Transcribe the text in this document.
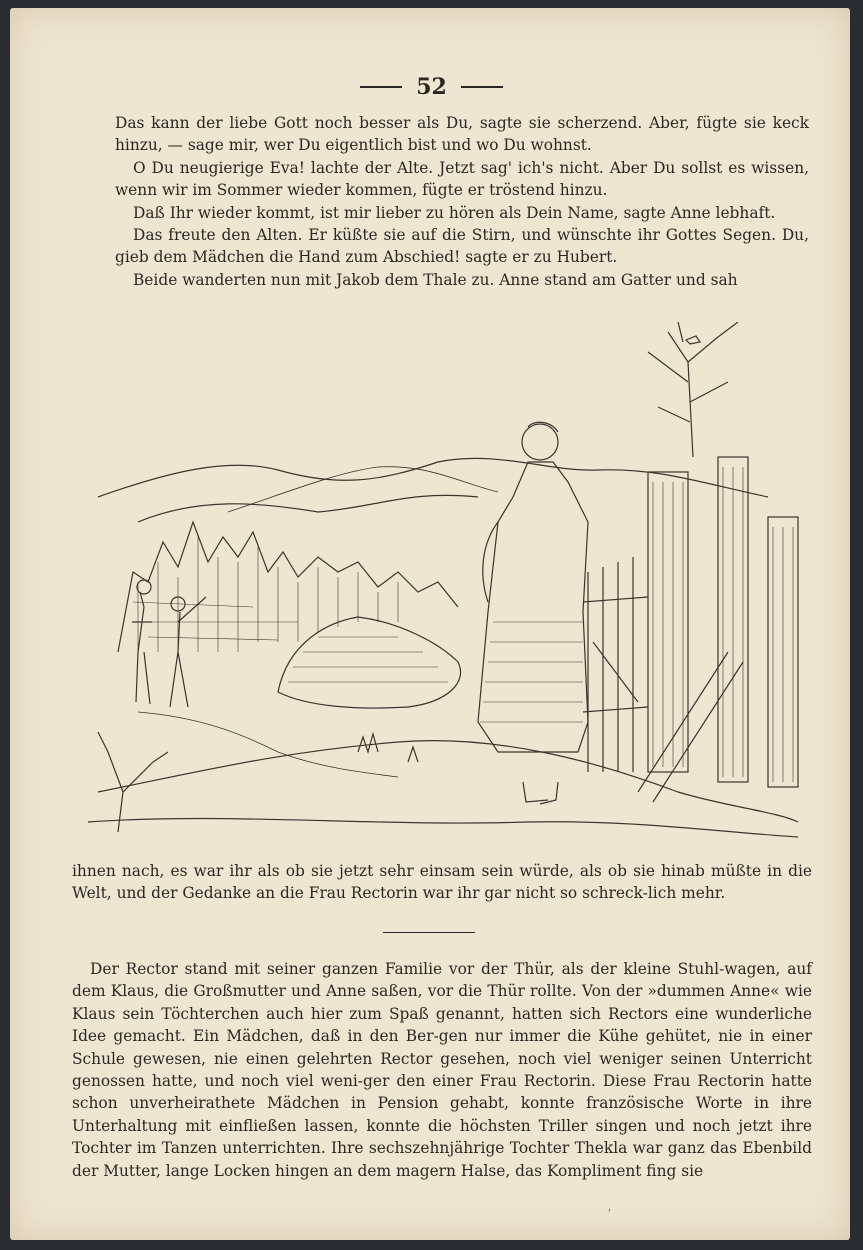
52

Das kann der liebe Gott noch besser als Du, sagte sie scherzend. Aber, fügte sie keck hinzu, — sage mir, wer Du eigentlich bist und wo Du wohnst.

O Du neugierige Eva! lachte der Alte. Jetzt sag' ich's nicht. Aber Du sollst es wissen, wenn wir im Sommer wieder kommen, fügte er tröstend hinzu.

Daß Ihr wieder kommt, ist mir lieber zu hören als Dein Name, sagte Anne lebhaft.

Das freute den Alten. Er küßte sie auf die Stirn, und wünschte ihr Gottes Segen. Du, gieb dem Mädchen die Hand zum Abschied! sagte er zu Hubert.

Beide wanderten nun mit Jakob dem Thale zu. Anne stand am Gatter und sah

ihnen nach, es war ihr als ob sie jetzt sehr einsam sein würde, als ob sie hinab müßte in die Welt, und der Gedanke an die Frau Rectorin war ihr gar nicht so schreck-lich mehr.

Der Rector stand mit seiner ganzen Familie vor der Thür, als der kleine Stuhl-wagen, auf dem Klaus, die Großmutter und Anne saßen, vor die Thür rollte. Von der »dummen Anne« wie Klaus sein Töchterchen auch hier zum Spaß genannt, hatten sich Rectors eine wunderliche Idee gemacht. Ein Mädchen, daß in den Ber-gen nur immer die Kühe gehütet, nie in einer Schule gewesen, nie einen gelehrten Rector gesehen, noch viel weniger seinen Unterricht genossen hatte, und noch viel weni-ger den einer Frau Rectorin. Diese Frau Rectorin hatte schon unverheirathete Mädchen in Pension gehabt, konnte französische Worte in ihre Unterhaltung mit einfließen lassen, konnte die höchsten Triller singen und noch jetzt ihre Tochter im Tanzen unterrichten. Ihre sechszehnjährige Tochter Thekla war ganz das Ebenbild der Mutter, lange Locken hingen an dem magern Halse, das Kompliment fing sie

,
